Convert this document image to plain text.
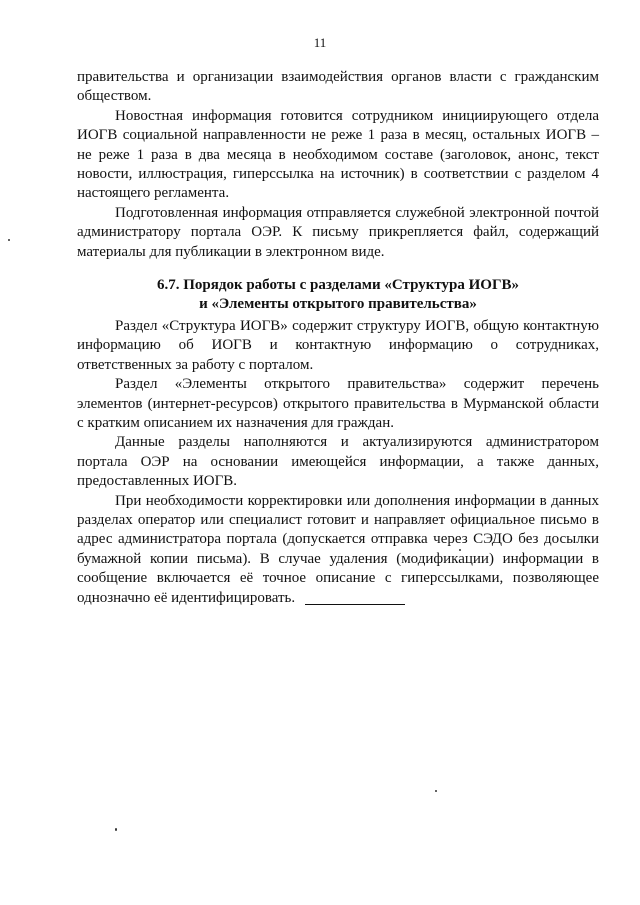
11

правительства и организации взаимодействия органов власти с гражданским обществом.

Новостная информация готовится сотрудником инициирующего отдела ИОГВ социальной направленности не реже 1 раза в месяц, остальных ИОГВ – не реже 1 раза в два месяца в необходимом составе (заголовок, анонс, текст новости, иллюстрация, гиперссылка на источник) в соответствии с разделом 4 настоящего регламента.

Подготовленная информация отправляется служебной электронной почтой администратору портала ОЭР. К письму прикрепляется файл, содержащий материалы для публикации в электронном виде.

6.7. Порядок работы с разделами «Структура ИОГВ»
и «Элементы открытого правительства»

Раздел «Структура ИОГВ» содержит структуру ИОГВ, общую контактную информацию об ИОГВ и контактную информацию о сотрудниках, ответственных за работу с порталом.

Раздел «Элементы открытого правительства» содержит перечень элементов (интернет-ресурсов) открытого правительства в Мурманской области с кратким описанием их назначения для граждан.

Данные разделы наполняются и актуализируются администратором портала ОЭР на основании имеющейся информации, а также данных, предоставленных ИОГВ.

При необходимости корректировки или дополнения информации в данных разделах оператор или специалист готовит и направляет официальное письмо в адрес администратора портала (допускается отправка через СЭДО без досылки бумажной копии письма). В случае удаления (модификации) информации в сообщение включается её точное описание с гиперссылками, позволяющее однозначно её идентифицировать.
